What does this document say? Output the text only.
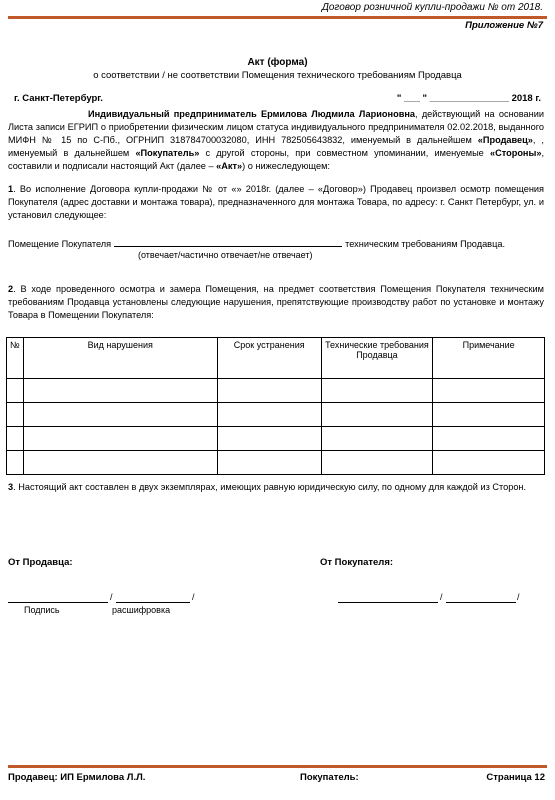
Договор розничной купли-продажи № от 2018.
Приложение №7
Акт (форма)
о соответствии / не соответствии Помещения технического требованиям Продавца
г. Санкт-Петербург.	" ___ " _______________ 2018 г.
Индивидуальный предприниматель Ермилова Людмила Ларионовна, действующий на основании Листа записи ЕГРИП о приобретении физическим лицом статуса индивидуального предпринимателя 02.02.2018, выданного МИФН № 15 по С-Пб., ОГРНИП 318784700032080, ИНН 782505643832, именуемый в дальнейшем «Продавец», , именуемый в дальнейшем «Покупатель» с другой стороны, при совместном упоминании, именуемые «Стороны», составили и подписали настоящий Акт (далее – «Акт») о нижеследующем:
1. Во исполнение Договора купли-продажи № от «» 2018г. (далее – «Договор») Продавец произвел осмотр помещения Покупателя (адрес доставки и монтажа товара), предназначенного для монтажа Товара, по адресу: г. Санкт Петербург, ул. и установил следующее:
Помещение Покупателя	техническим требованиям Продавца.
(отвечает/частично отвечает/не отвечает)
2. В ходе проведенного осмотра и замера Помещения, на предмет соответствия Помещения Покупателя техническим требованиям Продавца установлены следующие нарушения, препятствующие производству работ по установке и монтажу Товара в Помещении Покупателя:
№	Вид нарушения	Срок устранения	Технические требования Продавца	Примечание

3. Настоящий акт составлен в двух экземплярах, имеющих равную юридическую силу, по одному для каждой из Сторон.
От Продавца:	От Покупателя:
/	/	/	/
Подпись	расшифровка
Продавец: ИП Ермилова Л.Л.	Покупатель:	Страница 12
